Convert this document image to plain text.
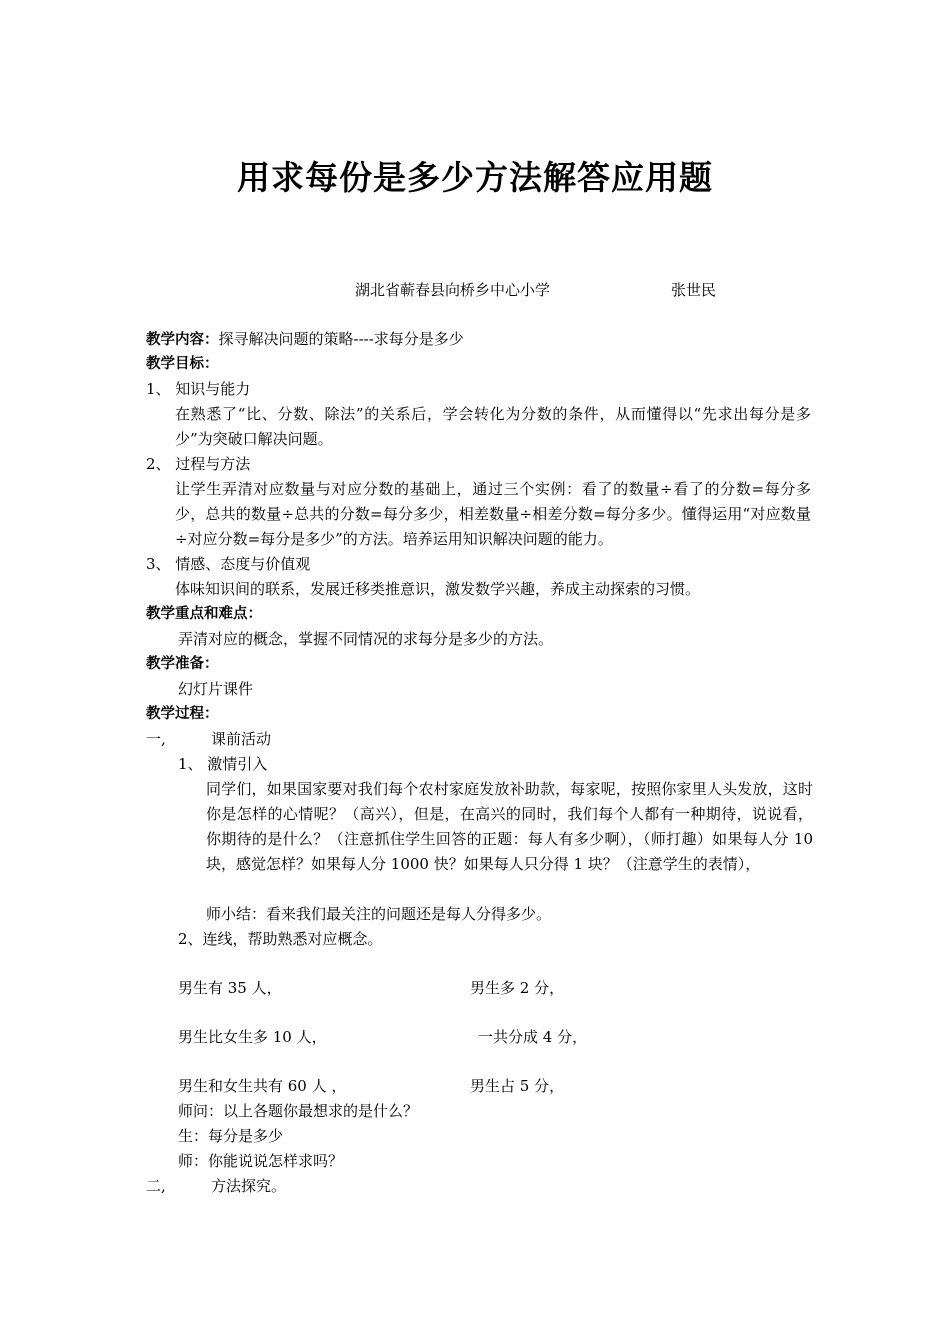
用求每份是多少方法解答应用题
湖北省蕲春县向桥乡中心小学	张世民
教学内容：探寻解决问题的策略----求每分是多少
教学目标：
1、 知识与能力
在熟悉了“比、分数、除法”的关系后，学会转化为分数的条件，从而懂得以“先求出每分是多少”为突破口解决问题。
2、 过程与方法
让学生弄清对应数量与对应分数的基础上，通过三个实例：看了的数量÷看了的分数=每分多少，总共的数量÷总共的分数=每分多少，相差数量÷相差分数=每分多少。懂得运用“对应数量÷对应分数=每分是多少”的方法。培养运用知识解决问题的能力。
3、 情感、态度与价值观
体味知识间的联系，发展迁移类推意识，激发数学兴趣，养成主动探索的习惯。
教学重点和难点：
弄清对应的概念，掌握不同情况的求每分是多少的方法。
教学准备：
幻灯片课件
教学过程：
一,	课前活动
1、 激情引入
同学们，如果国家要对我们每个农村家庭发放补助款，每家呢，按照你家里人头发放，这时你是怎样的心情呢？（高兴），但是，在高兴的同时，我们每个人都有一种期待，说说看，你期待的是什么？（注意抓住学生回答的正题：每人有多少啊），（师打趣）如果每人分 10 块，感觉怎样？如果每人分 1000 快？如果每人只分得 1 块？（注意学生的表情），
师小结：看来我们最关注的问题还是每人分得多少。
2、连线，帮助熟悉对应概念。
男生有 35 人，	男生多 2 分，
男生比女生多 10 人，	一共分成 4 分，
男生和女生共有 60 人 ，	男生占 5 分，
师问：以上各题你最想求的是什么？
生：每分是多少
师：你能说说怎样求吗？
二,	方法探究。
